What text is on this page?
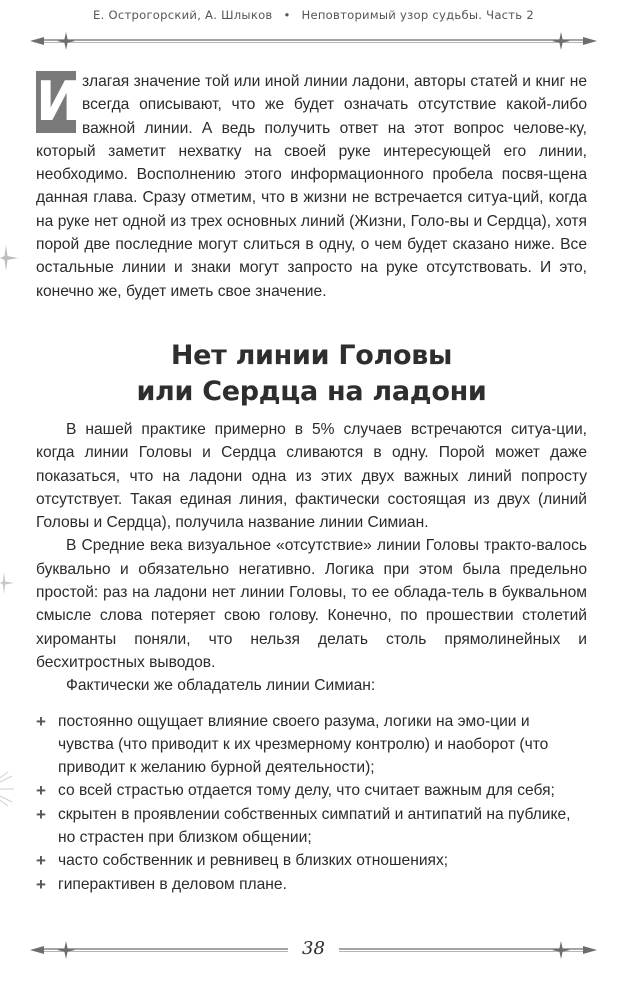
Е. Острогорский, А. Шлыков • Неповторимый узор судьбы. Часть 2
И злагая значение той или иной линии ладони, авторы статей и книг не всегда описывают, что же будет означать отсутствие какой-либо важной линии. А ведь получить ответ на этот вопрос челове-ку, который заметит нехватку на своей руке интересующей его линии, необходимо. Восполнению этого информационного пробела посвя-щена данная глава. Сразу отметим, что в жизни не встречается ситуа-ций, когда на руке нет одной из трех основных линий (Жизни, Голо-вы и Сердца), хотя порой две последние могут слиться в одну, о чем будет сказано ниже. Все остальные линии и знаки могут запросто на руке отсутствовать. И это, конечно же, будет иметь свое значение.
Нет линии Головы
или Сердца на ладони

В нашей практике примерно в 5% случаев встречаются ситуа-ции, когда линии Головы и Сердца сливаются в одну. Порой может даже показаться, что на ладони одна из этих двух важных линий попросту отсутствует. Такая единая линия, фактически состоящая из двух (линий Головы и Сердца), получила название линии Симиан.

В Средние века визуальное «отсутствие» линии Головы тракто-валось буквально и обязательно негативно. Логика при этом была предельно простой: раз на ладони нет линии Головы, то ее облада-тель в буквальном смысле слова потеряет свою голову. Конечно, по прошествии столетий хироманты поняли, что нельзя делать столь прямолинейных и бесхитростных выводов.

Фактически же обладатель линии Симиан:

+ постоянно ощущает влияние своего разума, логики на эмо-ции и чувства (что приводит к их чрезмерному контролю) и наоборот (что приводит к желанию бурной деятельности);
+ со всей страстью отдается тому делу, что считает важным для себя;
+ скрытен в проявлении собственных симпатий и антипатий на публике, но страстен при близком общении;
+ часто собственник и ревнивец в близких отношениях;
+ гиперактивен в деловом плане.
38
